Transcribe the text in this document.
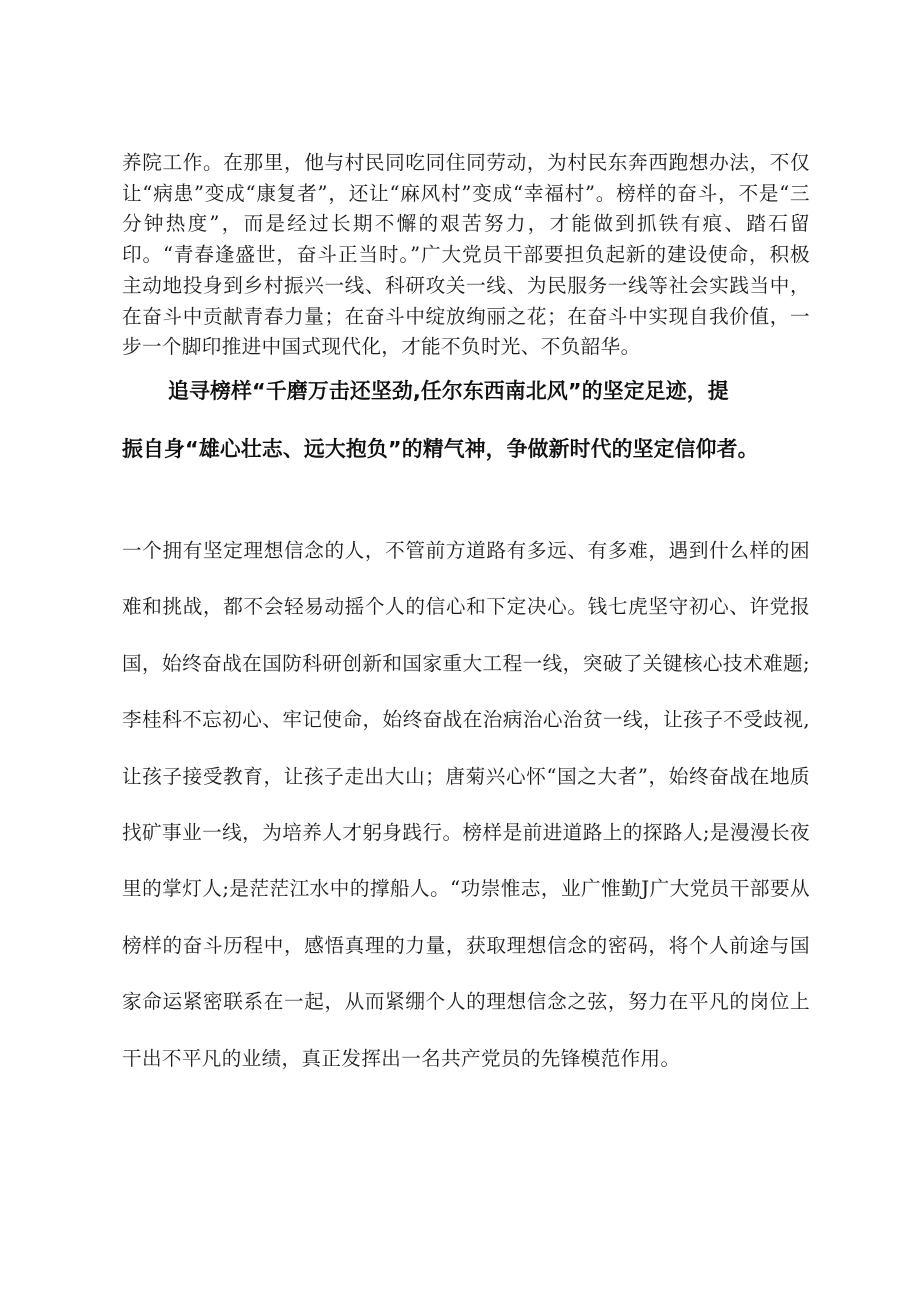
养院工作。在那里，他与村民同吃同住同劳动，为村民东奔西跑想办法，不仅让“病患”变成“康复者”，还让“麻风村”变成“幸福村”。榜样的奋斗，不是“三分钟热度”，而是经过长期不懈的艰苦努力，才能做到抓铁有痕、踏石留印。“青春逢盛世，奋斗正当时。”广大党员干部要担负起新的建设使命，积极主动地投身到乡村振兴一线、科研攻关一线、为民服务一线等社会实践当中，在奋斗中贡献青春力量；在奋斗中绽放绚丽之花；在奋斗中实现自我价值，一步一个脚印推进中国式现代化，才能不负时光、不负韶华。

追寻榜样“千磨万击还坚劲,任尔东西南北风”的坚定足迹，提
振自身“雄心壮志、远大抱负”的精气神，争做新时代的坚定信仰者。

一个拥有坚定理想信念的人，不管前方道路有多远、有多难，遇到什么样的困难和挑战，都不会轻易动摇个人的信心和下定决心。钱七虎坚守初心、许党报国，始终奋战在国防科研创新和国家重大工程一线，突破了关键核心技术难题;李桂科不忘初心、牢记使命，始终奋战在治病治心治贫一线，让孩子不受歧视,让孩子接受教育，让孩子走出大山；唐菊兴心怀“国之大者”，始终奋战在地质找矿事业一线，为培养人才躬身践行。榜样是前进道路上的探路人;是漫漫长夜里的掌灯人;是茫茫江水中的撑船人。“功崇惟志，业广惟勤J广大党员干部要从榜样的奋斗历程中，感悟真理的力量，获取理想信念的密码，将个人前途与国家命运紧密联系在一起，从而紧绷个人的理想信念之弦，努力在平凡的岗位上干出不平凡的业绩，真正发挥出一名共产党员的先锋模范作用。
